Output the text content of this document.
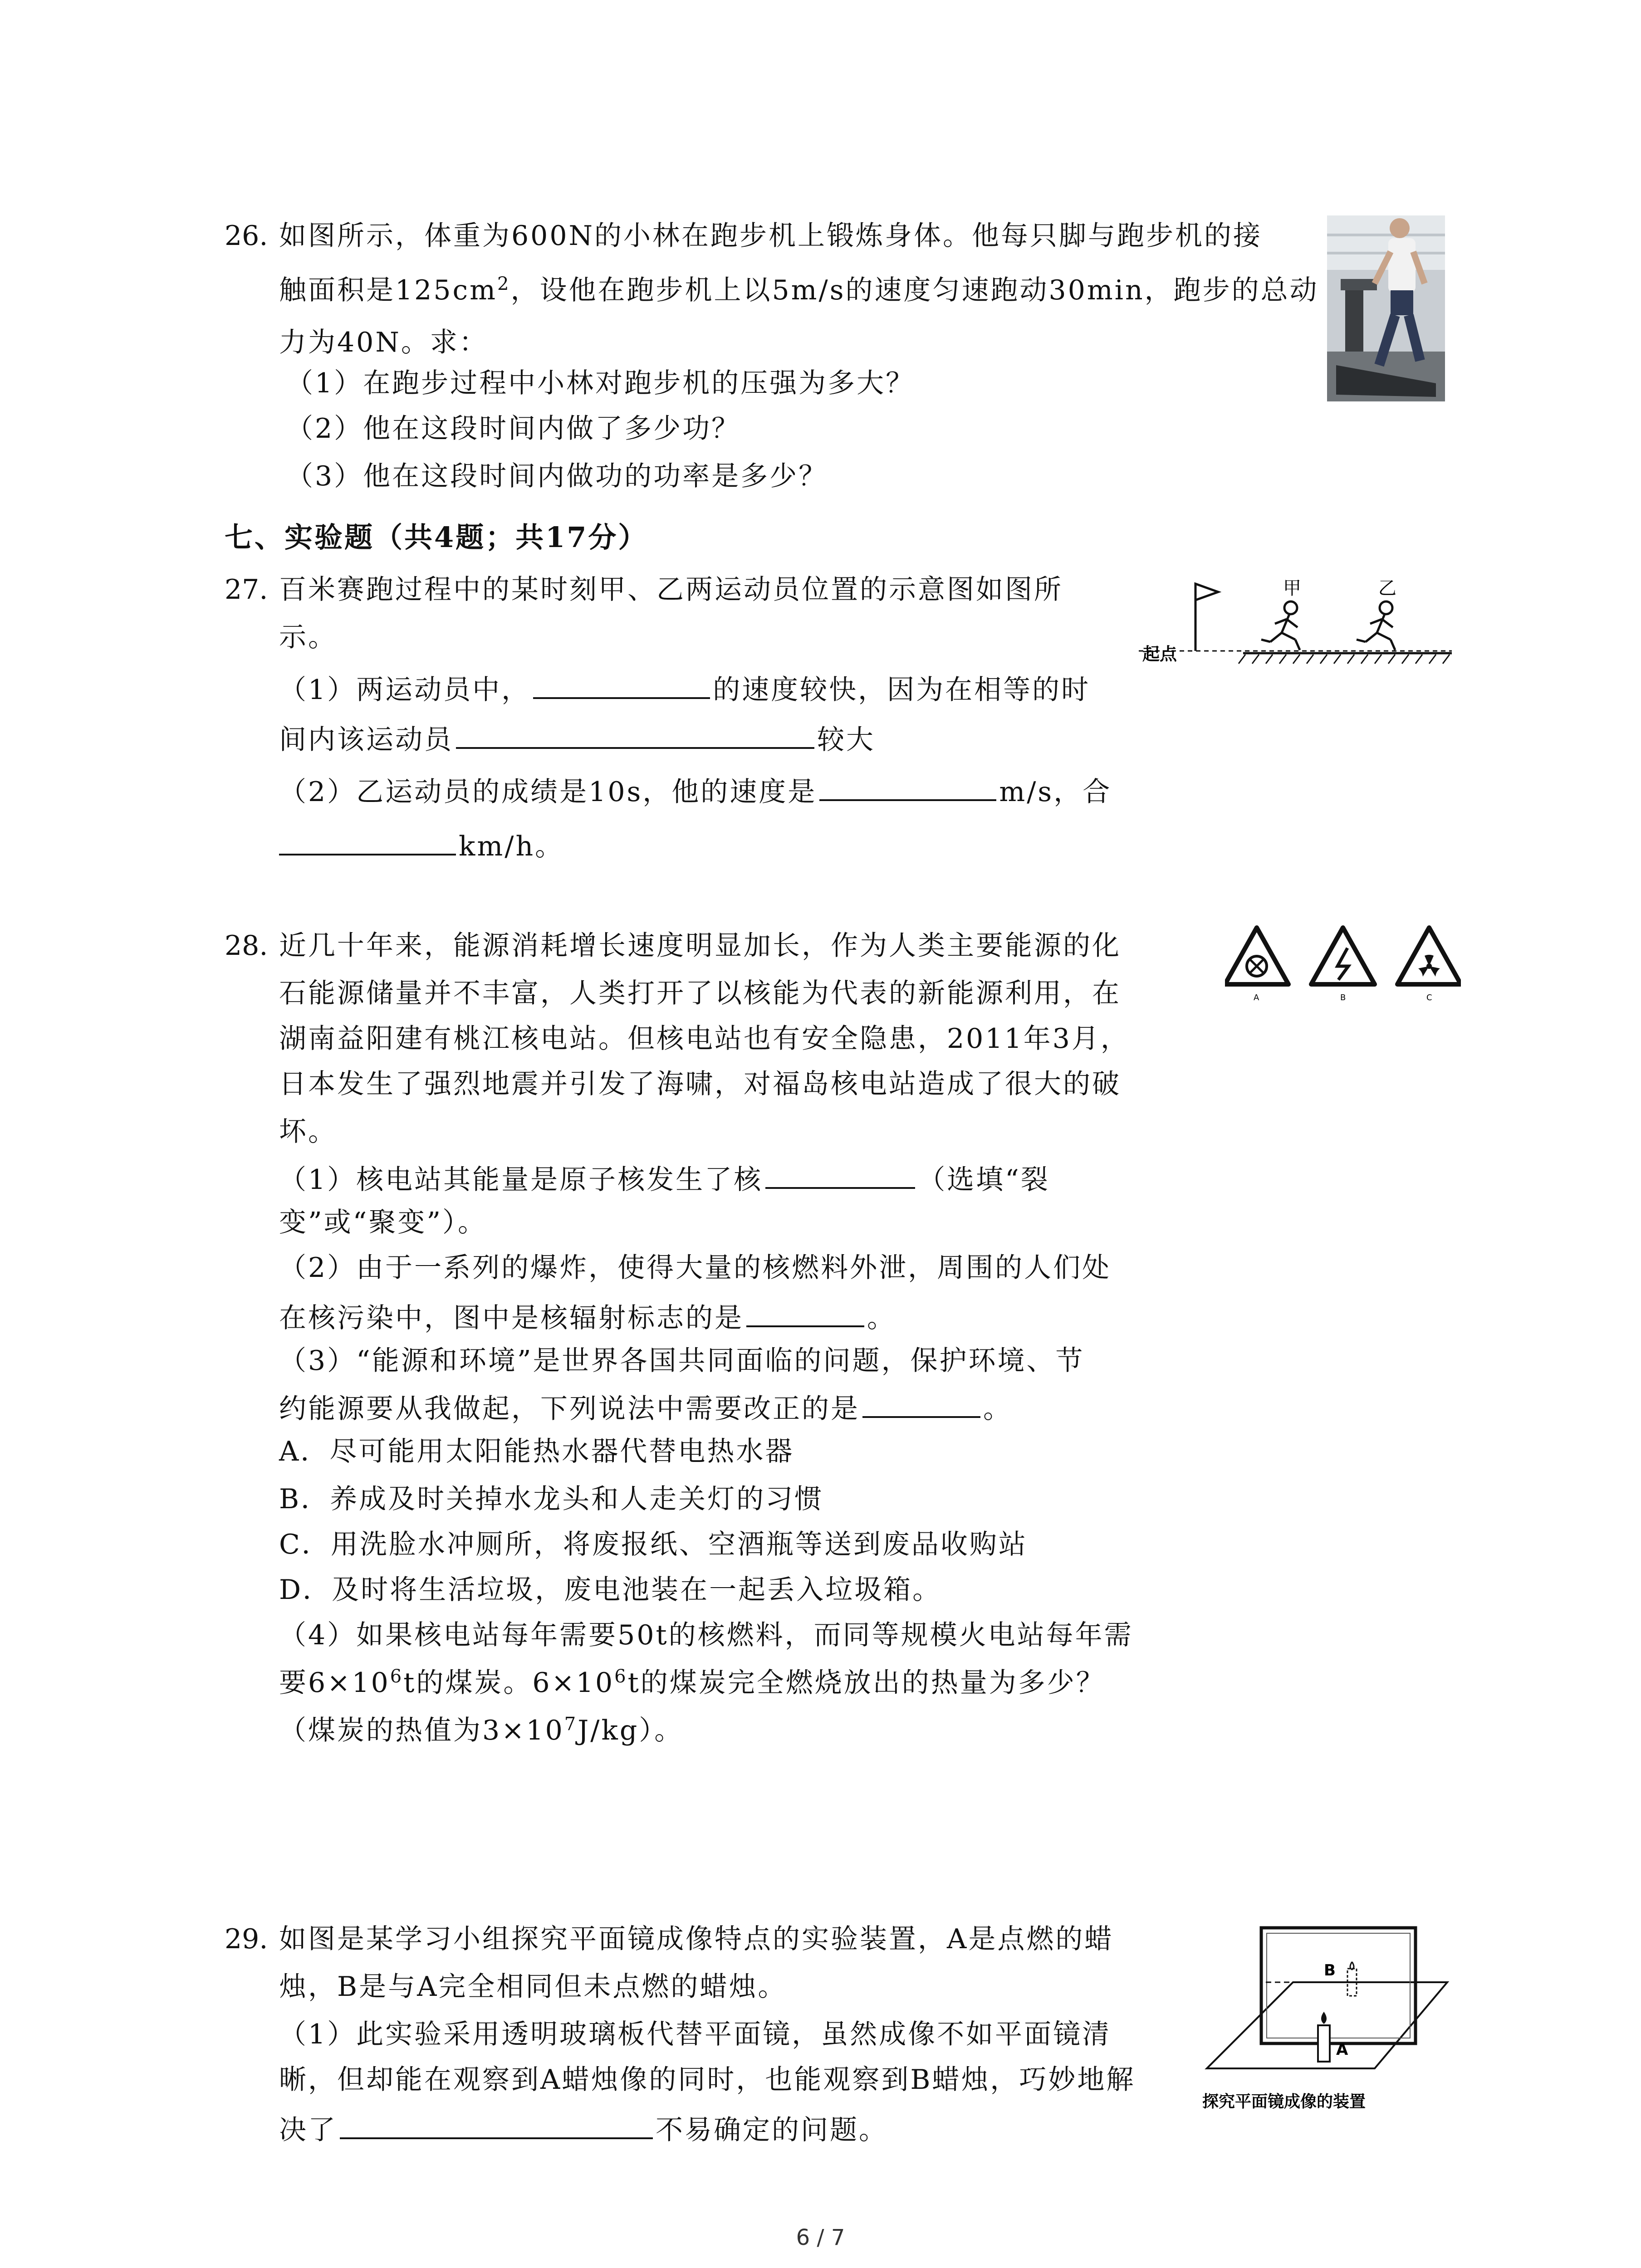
26. 如图所示，体重为600N的小林在跑步机上锻炼身体。他每只脚与跑步机的接
触面积是$125cm^2$，设他在跑步机上以5m/s的速度匀速跑动30min，跑步的总动
力为40N。求：
（1）在跑步过程中小林对跑步机的压强为多大？
（2）他在这段时间内做了多少功？
（3）他在这段时间内做功的功率是多少？
七、实验题（共4题；共17分）
27. 百米赛跑过程中的某时刻甲、乙两运动员位置的示意图如图所
示。
（1）两运动员中，	的速度较快，因为在相等的时
间内该运动员	较大
（2）乙运动员的成绩是10s，他的速度是	m/s，合
km/h。
甲	乙
起点
28. 近几十年来，能源消耗增长速度明显加长，作为人类主要能源的化
石能源储量并不丰富，人类打开了以核能为代表的新能源利用，在
湖南益阳建有桃江核电站。但核电站也有安全隐患，2011年3月，
日本发生了强烈地震并引发了海啸，对福岛核电站造成了很大的破
坏。
（1）核电站其能量是原子核发生了核	（选填“裂
变”或“聚变”）。
（2）由于一系列的爆炸，使得大量的核燃料外泄，周围的人们处
在核污染中，图中是核辐射标志的是	。
（3）“能源和环境”是世界各国共同面临的问题，保护环境、节
约能源要从我做起，下列说法中需要改正的是	。
A．尽可能用太阳能热水器代替电热水器
B．养成及时关掉水龙头和人走关灯的习惯
C．用洗脸水冲厕所，将废报纸、空酒瓶等送到废品收购站
D．及时将生活垃圾，废电池装在一起丢入垃圾箱。
（4）如果核电站每年需要50t的核燃料，而同等规模火电站每年需
要$6\times 10^6t$的煤炭。$6\times 10^6t$的煤炭完全燃烧放出的热量为多少？
（煤炭的热值为$3\times 10^7J/kg$）。
A	B	C
29. 如图是某学习小组探究平面镜成像特点的实验装置，A是点燃的蜡
烛，B是与A完全相同但未点燃的蜡烛。
（1）此实验采用透明玻璃板代替平面镜，虽然成像不如平面镜清
晰，但却能在观察到A蜡烛像的同时，也能观察到B蜡烛，巧妙地解
决了	不易确定的问题。
B
A
探究平面镜成像的装置
6 / 7
